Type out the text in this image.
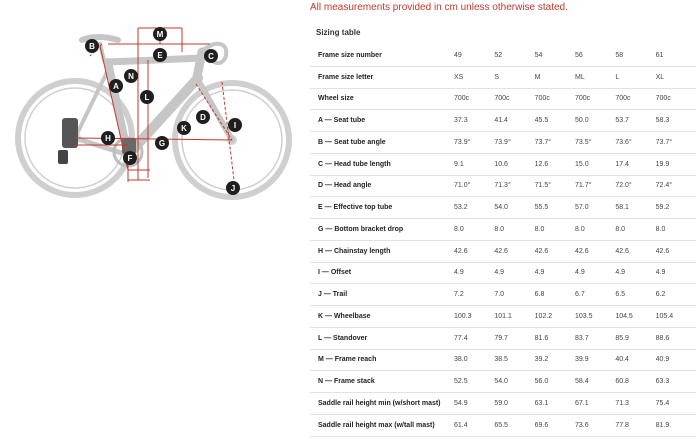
M
B
E	C
A
N
L
D
I
K
H
G
F
J
All measurements provided in cm unless otherwise stated.
Sizing table
Frame size number	49	52	54	56	58	61
Frame size letter	XS	S	M	ML	L	XL
Wheel size	700c	700c	700c	700c	700c	700c
A — Seat tube	37.3	41.4	45.5	50.0	53.7	58.3
B — Seat tube angle	73.9°	73.9°	73.7°	73.5°	73.6°	73.7°
C — Head tube length	9.1	10.6	12.6	15.0	17.4	19.9
D — Head angle	71.0°	71.3°	71.5°	71.7°	72.0°	72.4°
E — Effective top tube	53.2	54.0	55.5	57.0	58.1	59.2
G — Bottom bracket drop	8.0	8.0	8.0	8.0	8.0	8.0
H — Chainstay length	42.6	42.6	42.6	42.6	42.6	42.6
I — Offset	4.9	4.9	4.9	4.9	4.9	4.9
J — Trail	7.2	7.0	6.8	6.7	6.5	6.2
K — Wheelbase	100.3	101.1	102.2	103.5	104.5	105.4
L — Standover	77.4	79.7	81.6	83.7	85.9	88.6
M — Frame reach	38.0	38.5	39.2	39.9	40.4	40.9
N — Frame stack	52.5	54.0	56.0	58.4	60.8	63.3
Saddle rail height min (w/short mast)	54.9	59.0	63.1	67.1	71.3	75.4
Saddle rail height max (w/tall mast)	61.4	65.5	69.6	73.6	77.8	81.9
